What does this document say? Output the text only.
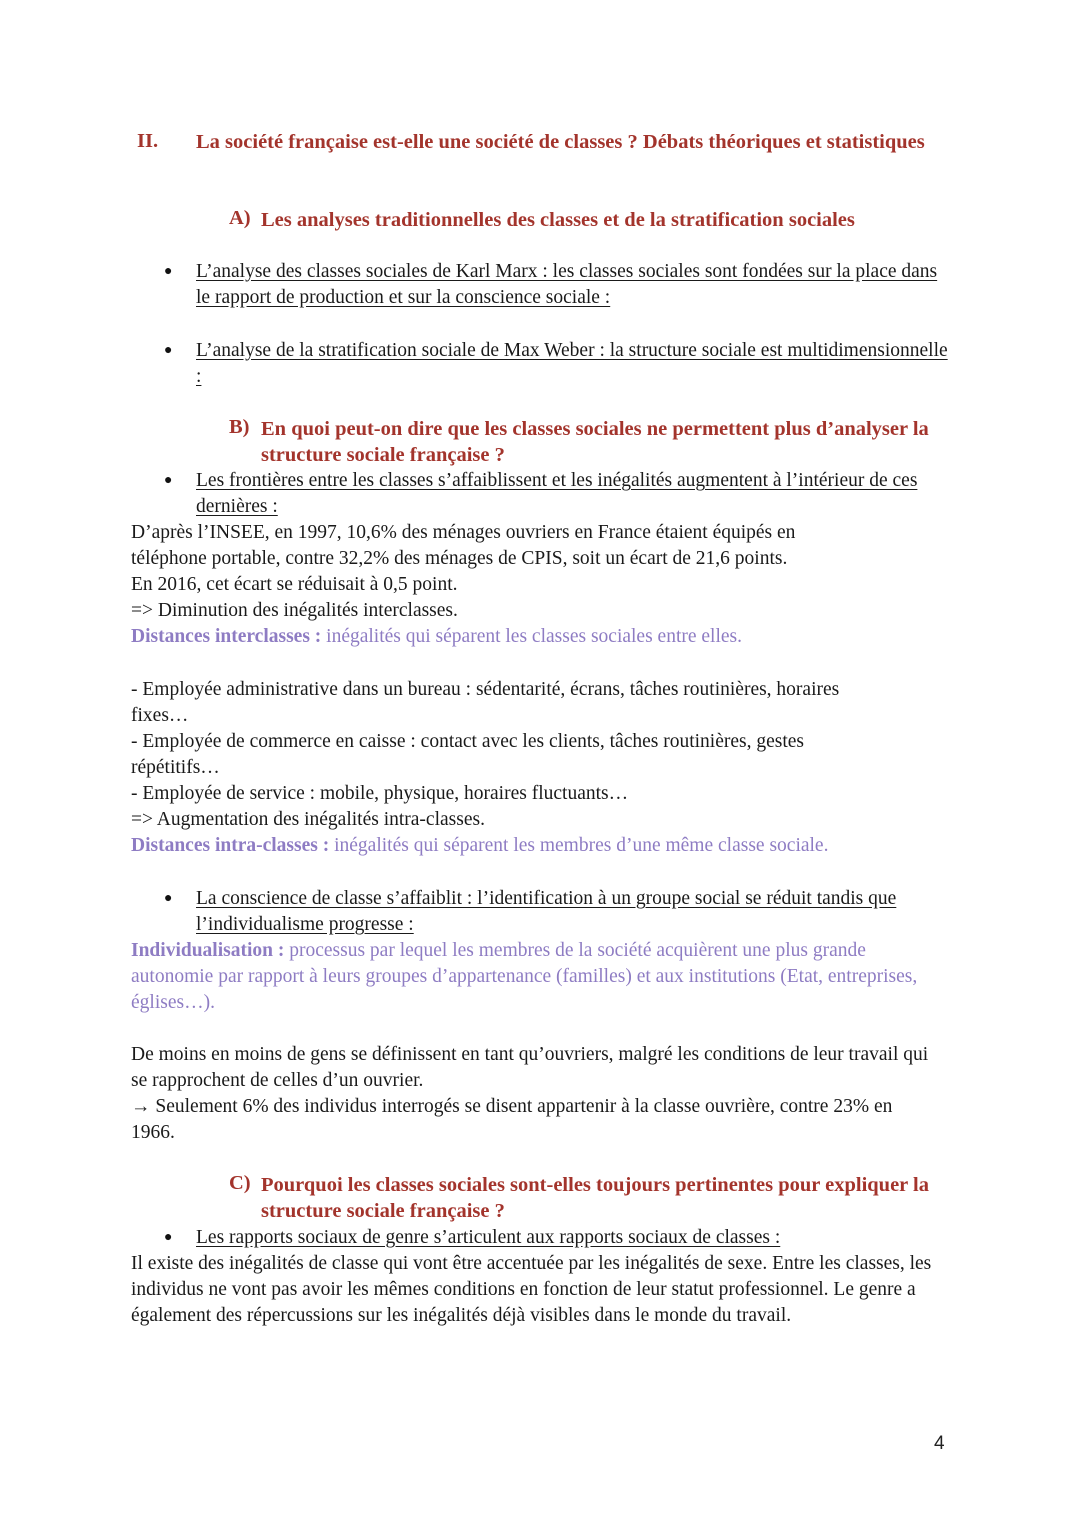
II. La société française est-elle une société de classes ? Débats théoriques et statistiques
A) Les analyses traditionnelles des classes et de la stratification sociales
● L’analyse des classes sociales de Karl Marx : les classes sociales sont fondées sur la place dans le rapport de production et sur la conscience sociale :
● L’analyse de la stratification sociale de Max Weber : la structure sociale est multidimensionnelle :
B) En quoi peut-on dire que les classes sociales ne permettent plus d’analyser la structure sociale française ?
● Les frontières entre les classes s’affaiblissent et les inégalités augmentent à l’intérieur de ces dernières :
D’après l’INSEE, en 1997, 10,6% des ménages ouvriers en France étaient équipés en
téléphone portable, contre 32,2% des ménages de CPIS, soit un écart de 21,6 points.
En 2016, cet écart se réduisait à 0,5 point.
=> Diminution des inégalités interclasses.
Distances interclasses : inégalités qui séparent les classes sociales entre elles.
- Employée administrative dans un bureau : sédentarité, écrans, tâches routinières, horaires
fixes…
- Employée de commerce en caisse : contact avec les clients, tâches routinières, gestes
répétitifs…
- Employée de service : mobile, physique, horaires fluctuants…
=> Augmentation des inégalités intra-classes.
Distances intra-classes : inégalités qui séparent les membres d’une même classe sociale.
● La conscience de classe s’affaiblit : l’identification à un groupe social se réduit tandis que l’individualisme progresse :
Individualisation : processus par lequel les membres de la société acquièrent une plus grande autonomie par rapport à leurs groupes d’appartenance (familles) et aux institutions (Etat, entreprises, églises…).
De moins en moins de gens se définissent en tant qu’ouvriers, malgré les conditions de leur travail qui se rapprochent de celles d’un ouvrier.
→ Seulement 6% des individus interrogés se disent appartenir à la classe ouvrière, contre 23% en 1966.
C) Pourquoi les classes sociales sont-elles toujours pertinentes pour expliquer la structure sociale française ?
● Les rapports sociaux de genre s’articulent aux rapports sociaux de classes :
Il existe des inégalités de classe qui vont être accentuée par les inégalités de sexe. Entre les classes, les individus ne vont pas avoir les mêmes conditions en fonction de leur statut professionnel. Le genre a également des répercussions sur les inégalités déjà visibles dans le monde du travail.
4
